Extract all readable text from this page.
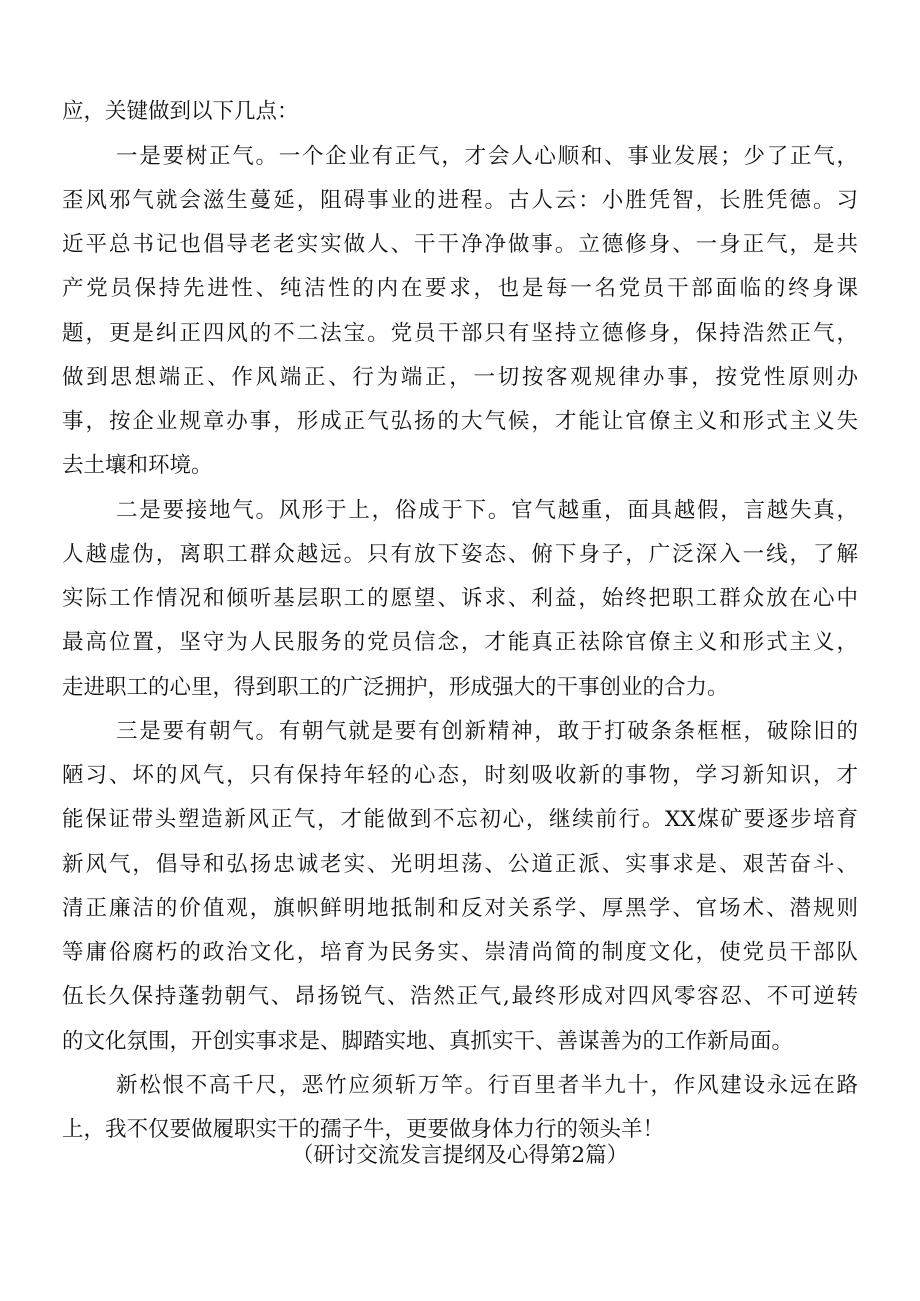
应，关键做到以下几点：
一是要树正气。一个企业有正气，才会人心顺和、事业发展；少了正气，
歪风邪气就会滋生蔓延，阻碍事业的进程。古人云：小胜凭智，长胜凭德。习
近平总书记也倡导老老实实做人、干干净净做事。立德修身、一身正气，是共
产党员保持先进性、纯洁性的内在要求，也是每一名党员干部面临的终身课
题，更是纠正四风的不二法宝。党员干部只有坚持立德修身，保持浩然正气，
做到思想端正、作风端正、行为端正，一切按客观规律办事，按党性原则办
事，按企业规章办事，形成正气弘扬的大气候，才能让官僚主义和形式主义失
去土壤和环境。
二是要接地气。风形于上，俗成于下。官气越重，面具越假，言越失真，
人越虚伪，离职工群众越远。只有放下姿态、俯下身子，广泛深入一线，了解
实际工作情况和倾听基层职工的愿望、诉求、利益，始终把职工群众放在心中
最高位置，坚守为人民服务的党员信念，才能真正祛除官僚主义和形式主义，
走进职工的心里，得到职工的广泛拥护，形成强大的干事创业的合力。
三是要有朝气。有朝气就是要有创新精神，敢于打破条条框框，破除旧的
陋习、坏的风气，只有保持年轻的心态，时刻吸收新的事物，学习新知识，才
能保证带头塑造新风正气，才能做到不忘初心，继续前行。XX煤矿要逐步培育
新风气，倡导和弘扬忠诚老实、光明坦荡、公道正派、实事求是、艰苦奋斗、
清正廉洁的价值观，旗帜鲜明地抵制和反对关系学、厚黑学、官场术、潜规则
等庸俗腐朽的政治文化，培育为民务实、崇清尚简的制度文化，使党员干部队
伍长久保持蓬勃朝气、昂扬锐气、浩然正气,最终形成对四风零容忍、不可逆转
的文化氛围，开创实事求是、脚踏实地、真抓实干、善谋善为的工作新局面。
新松恨不高千尺，恶竹应须斩万竿。行百里者半九十，作风建设永远在路
上，我不仅要做履职实干的孺子牛，更要做身体力行的领头羊！
（研讨交流发言提纲及心得第2篇）
